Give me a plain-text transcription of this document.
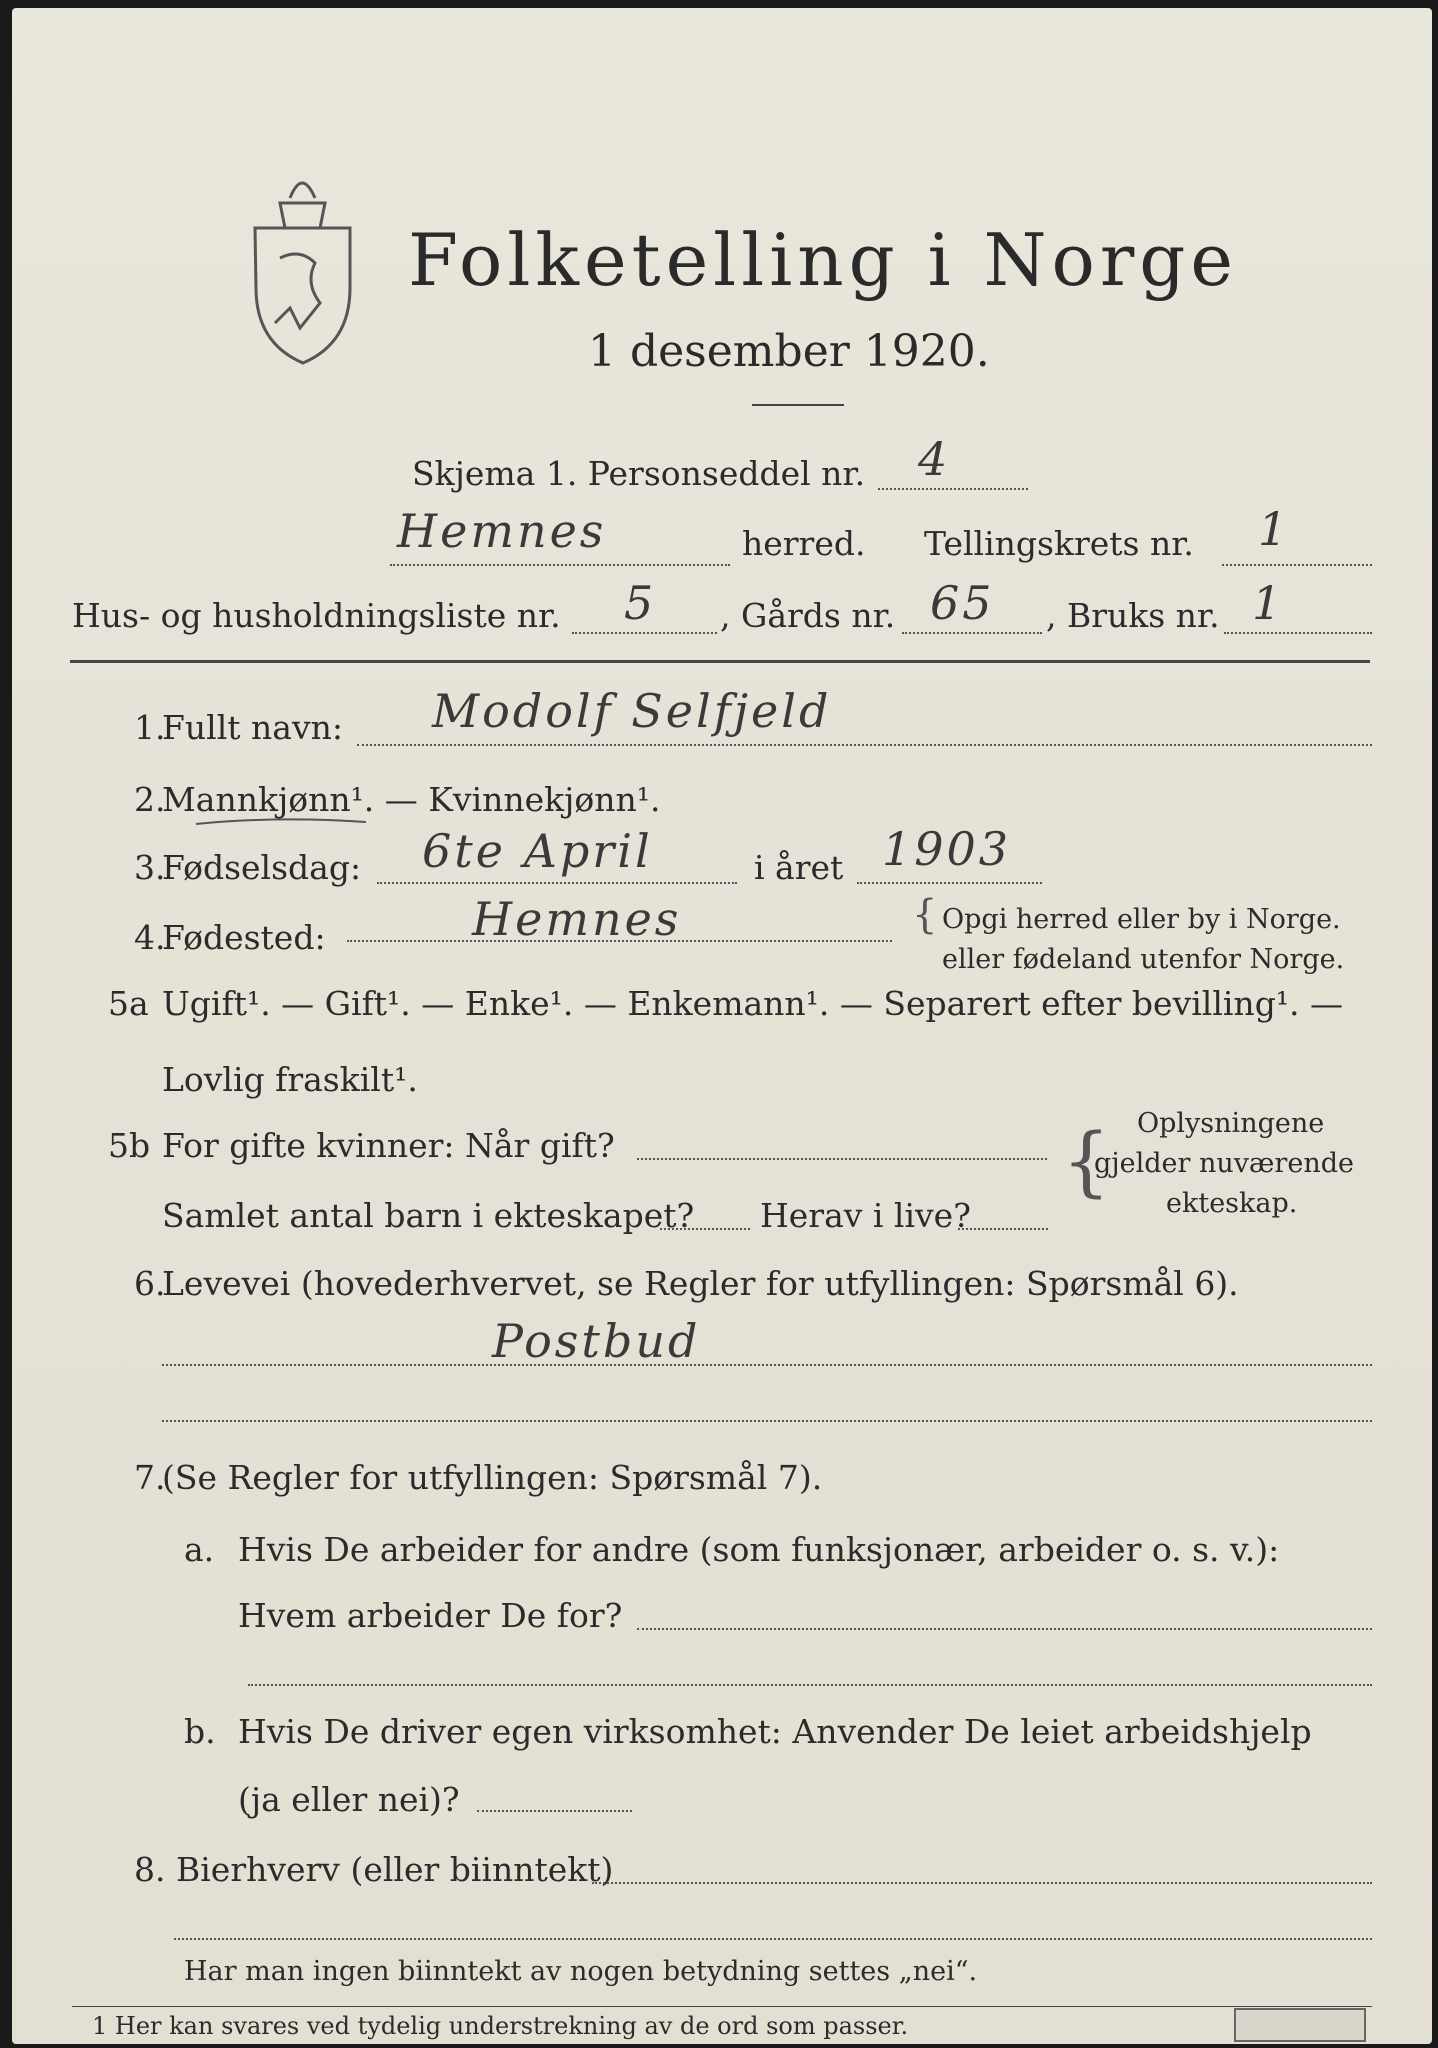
Folketelling i Norge
1 desember 1920.
Skjema 1. Personseddel nr. 4
Hemnes	herred. Tellingskrets nr. 1
Hus- og husholdningsliste nr. 5 , Gårds nr. 65 , Bruks nr. 1
1.
Fullt navn: Modolf Selfjeld
2.
Mannkjønn¹. — Kvinnekjønn¹.
3.
Fødselsdag: 6te April	i året 1903
4.
Fødested:	Hemnes	{ Opgi herred eller by i Norge.
eller fødeland utenfor Norge.
5a Ugift¹. — Gift¹. — Enke¹. — Enkemann¹. — Separert efter bevilling¹. —
Lovlig fraskilt¹.
5b For gifte kvinner: Når gift?
Samlet antal barn i ekteskapet? Herav i live?
{ Oplysningene
gjelder nuværende
ekteskap.
6.
Levevei (hovederhvervet, se Regler for utfyllingen: Spørsmål 6).
Postbud
7.
(Se Regler for utfyllingen: Spørsmål 7).
a. Hvis De arbeider for andre (som funksjonær, arbeider o. s. v.):
Hvem arbeider De for?
b. Hvis De driver egen virksomhet: Anvender De leiet arbeidshjelp
(ja eller nei)?
8. Bierhverv (eller biinntekt)
Har man ingen biinntekt av nogen betydning settes „nei“.
1 Her kan svares ved tydelig understrekning av de ord som passer.
